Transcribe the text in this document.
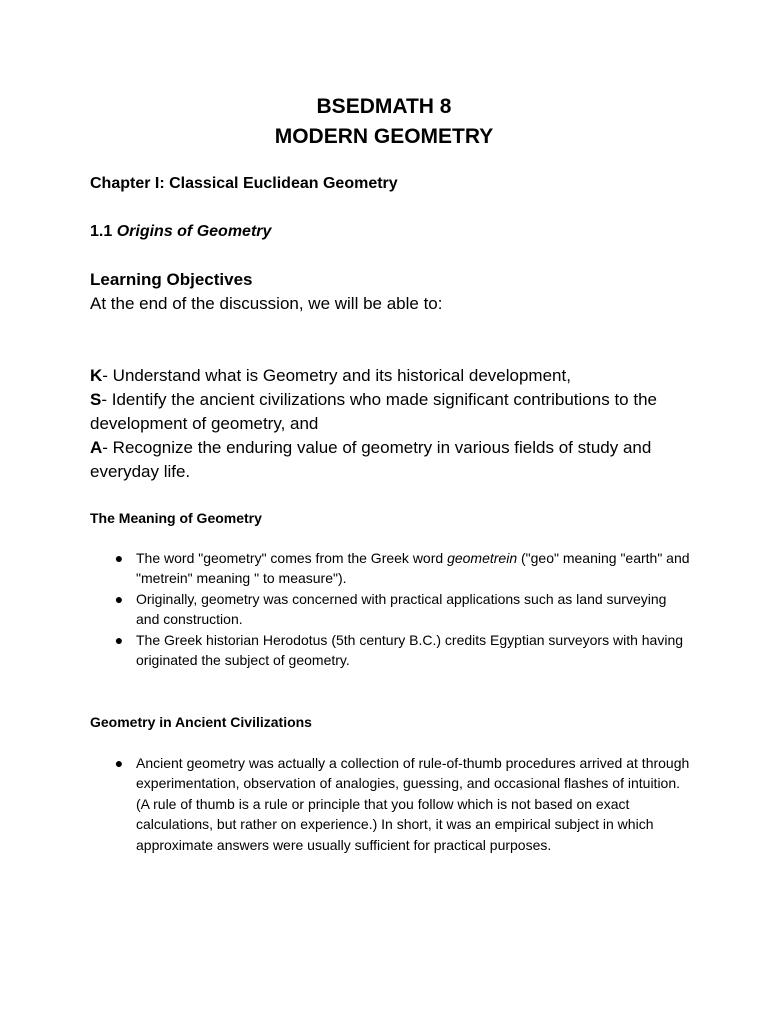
BSEDMATH 8
MODERN GEOMETRY
Chapter I: Classical Euclidean Geometry
1.1 Origins of Geometry
Learning Objectives

At the end of the discussion, we will be able to:

K- Understand what is Geometry and its historical development,

S- Identify the ancient civilizations who made significant contributions to the development of geometry, and

A- Recognize the enduring value of geometry in various fields of study and everyday life.

The Meaning of Geometry
● The word "geometry" comes from the Greek word geometrein ("geo" meaning "earth" and "metrein" meaning " to measure").
● Originally, geometry was concerned with practical applications such as land surveying and construction.
● The Greek historian Herodotus (5th century B.C.) credits Egyptian surveyors with having originated the subject of geometry.
Geometry in Ancient Civilizations
● Ancient geometry was actually a collection of rule-of-thumb procedures arrived at through experimentation, observation of analogies, guessing, and occasional flashes of intuition. (A rule of thumb is a rule or principle that you follow which is not based on exact calculations, but rather on experience.) In short, it was an empirical subject in which approximate answers were usually sufficient for practical purposes.
